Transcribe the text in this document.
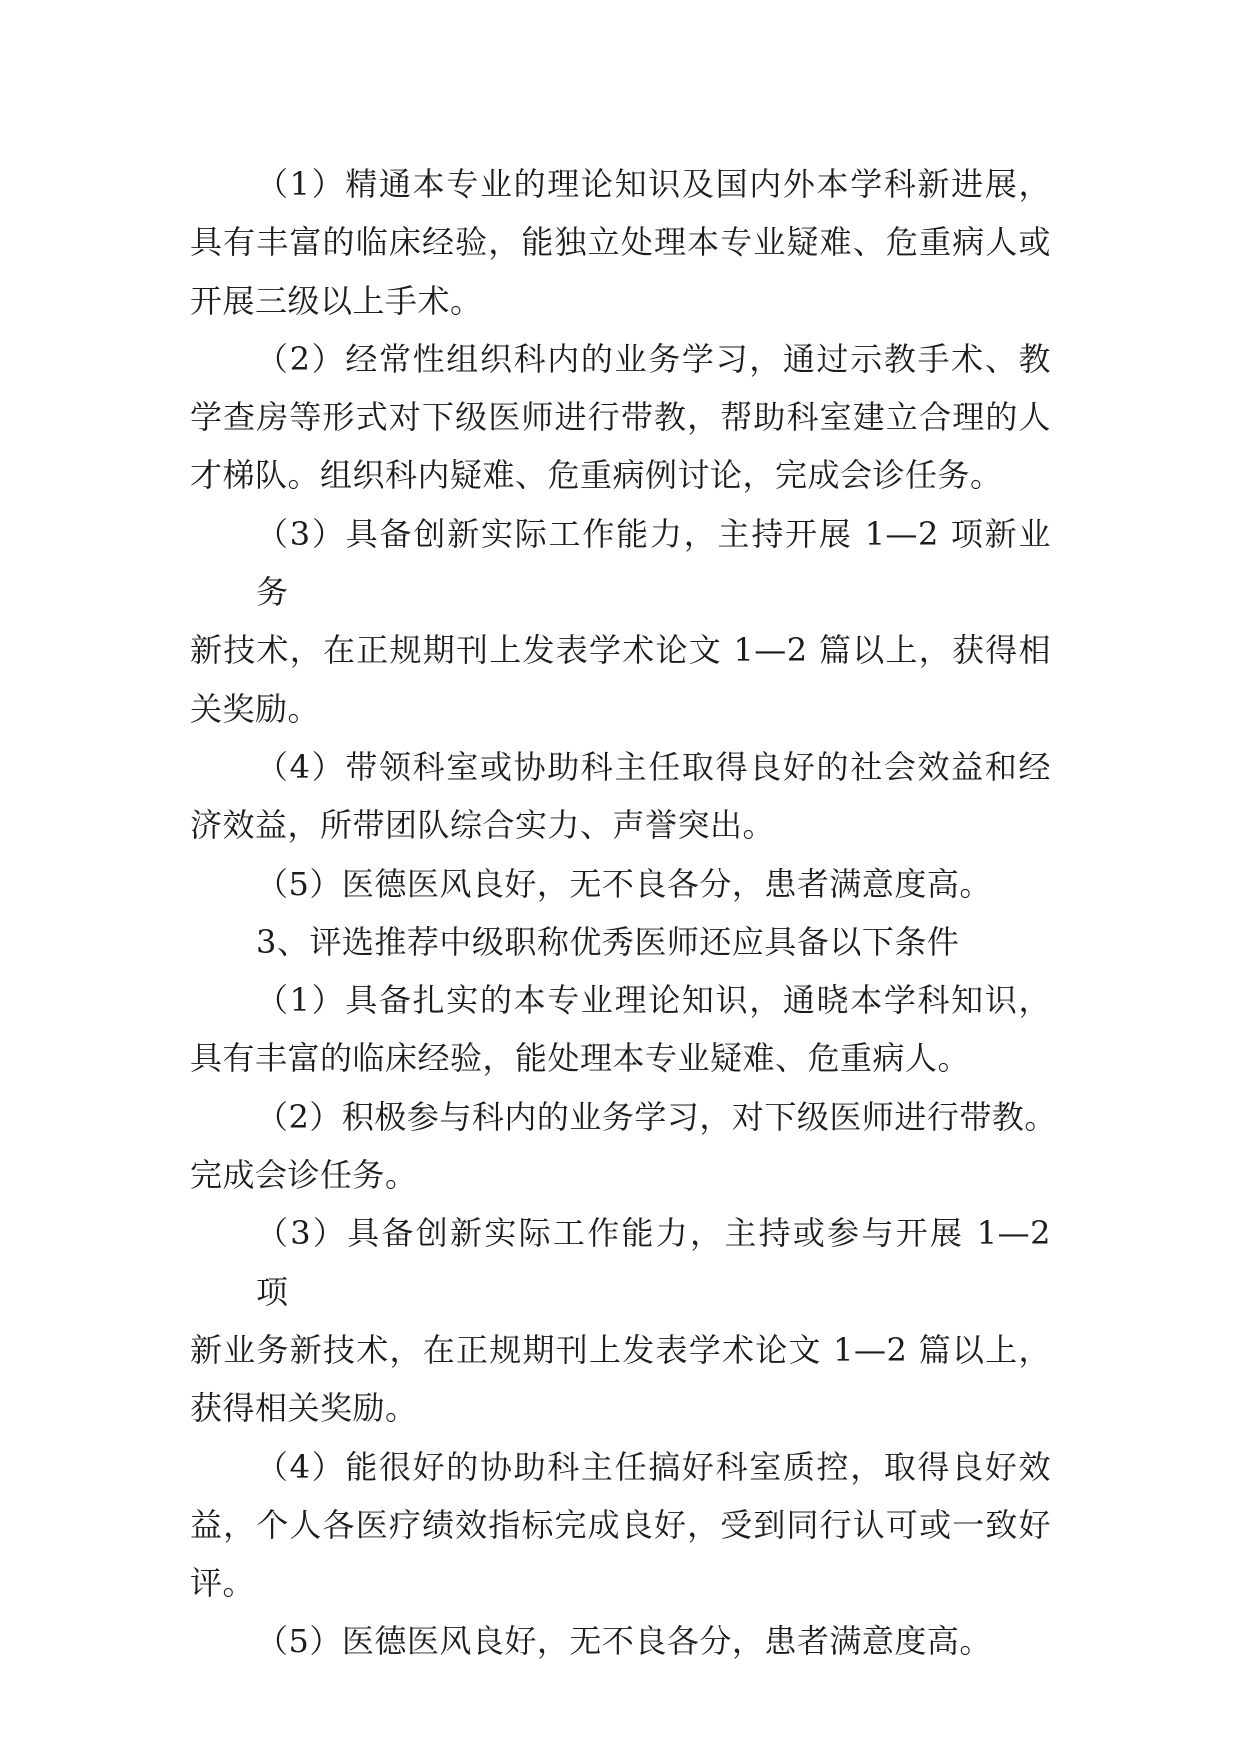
（1）精通本专业的理论知识及国内外本学科新进展，
具有丰富的临床经验，能独立处理本专业疑难、危重病人或
开展三级以上手术。
（2）经常性组织科内的业务学习，通过示教手术、教
学查房等形式对下级医师进行带教，帮助科室建立合理的人
才梯队。组织科内疑难、危重病例讨论，完成会诊任务。
（3）具备创新实际工作能力，主持开展 1—2 项新业务
新技术，在正规期刊上发表学术论文 1—2 篇以上，获得相
关奖励。
（4）带领科室或协助科主任取得良好的社会效益和经
济效益，所带团队综合实力、声誉突出。
（5）医德医风良好，无不良各分，患者满意度高。
3、评选推荐中级职称优秀医师还应具备以下条件
（1）具备扎实的本专业理论知识，通晓本学科知识，
具有丰富的临床经验，能处理本专业疑难、危重病人。
（2）积极参与科内的业务学习，对下级医师进行带教。
完成会诊任务。
（3）具备创新实际工作能力，主持或参与开展 1—2 项
新业务新技术，在正规期刊上发表学术论文 1—2 篇以上，
获得相关奖励。
（4）能很好的协助科主任搞好科室质控，取得良好效
益，个人各医疗绩效指标完成良好，受到同行认可或一致好
评。
（5）医德医风良好，无不良各分，患者满意度高。
